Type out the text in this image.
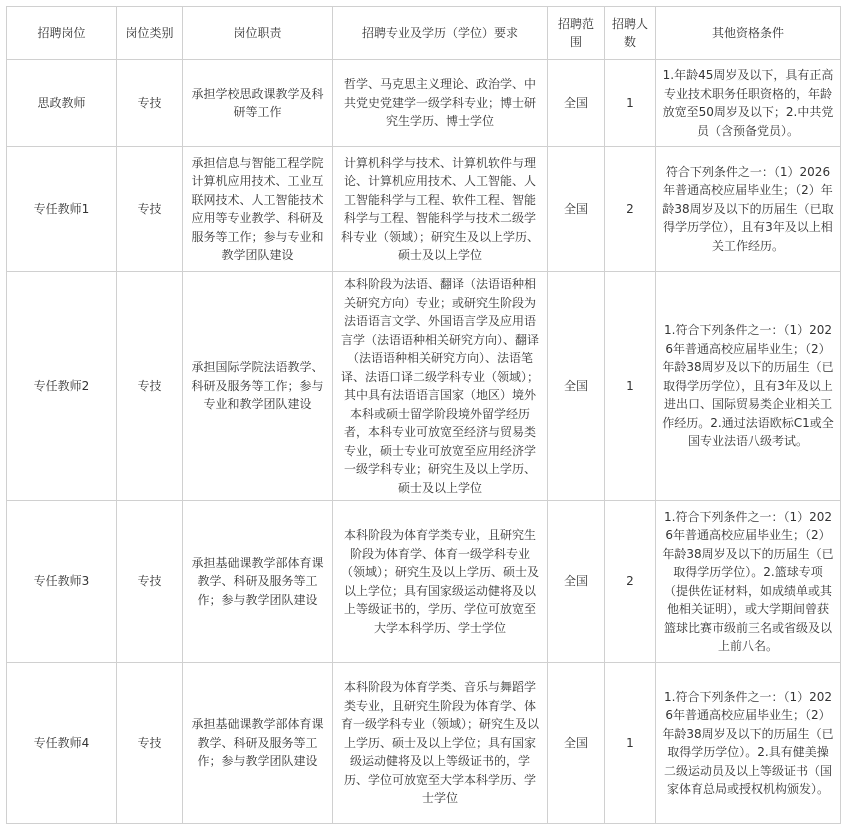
招聘岗位	岗位类别	岗位职责	招聘专业及学历（学位）要求	招聘范围	招聘人数	其他资格条件
思政教师	专技	承担学校思政课教学及科研等工作	哲学、马克思主义理论、政治学、中共党史党建学一级学科专业；博士研究生学历、博士学位	全国	1	1.年龄45周岁及以下，具有正高专业技术职务任职资格的，年龄放宽至50周岁及以下；2.中共党员（含预备党员）。
专任教师1	专技	承担信息与智能工程学院计算机应用技术、工业互联网技术、人工智能技术应用等专业教学、科研及服务等工作；参与专业和教学团队建设	计算机科学与技术、计算机软件与理论、计算机应用技术、人工智能、人工智能科学与工程、软件工程、智能科学与工程、智能科学与技术二级学科专业（领域）；研究生及以上学历、硕士及以上学位	全国	2	符合下列条件之一：（1）2026年普通高校应届毕业生；（2）年龄38周岁及以下的历届生（已取得学历学位），且有3年及以上相关工作经历。
专任教师2	专技	承担国际学院法语教学、科研及服务等工作；参与专业和教学团队建设	本科阶段为法语、翻译（法语语种相关研究方向）专业；或研究生阶段为法语语言文学、外国语言学及应用语言学（法语语种相关研究方向）、翻译（法语语种相关研究方向）、法语笔译、法语口译二级学科专业（领域）；其中具有法语语言国家（地区）境外本科或硕士留学阶段境外留学经历者，本科专业可放宽至经济与贸易类专业，硕士专业可放宽至应用经济学一级学科专业；研究生及以上学历、硕士及以上学位	全国	1	1.符合下列条件之一：（1）2026年普通高校应届毕业生；（2）年龄38周岁及以下的历届生（已取得学历学位），且有3年及以上进出口、国际贸易类企业相关工作经历。2.通过法语欧标C1或全国专业法语八级考试。
专任教师3	专技	承担基础课教学部体育课教学、科研及服务等工作；参与教学团队建设	本科阶段为体育学类专业，且研究生阶段为体育学、体育一级学科专业（领域）；研究生及以上学历、硕士及以上学位；具有国家级运动健将及以上等级证书的，学历、学位可放宽至大学本科学历、学士学位	全国	2	1.符合下列条件之一：（1）2026年普通高校应届毕业生；（2）年龄38周岁及以下的历届生（已取得学历学位）。2.篮球专项（提供佐证材料，如成绩单或其他相关证明），或大学期间曾获篮球比赛市级前三名或省级及以上前八名。
专任教师4	专技	承担基础课教学部体育课教学、科研及服务等工作；参与教学团队建设	本科阶段为体育学类、音乐与舞蹈学类专业，且研究生阶段为体育学、体育一级学科专业（领域）；研究生及以上学历、硕士及以上学位；具有国家级运动健将及以上等级证书的，学历、学位可放宽至大学本科学历、学士学位	全国	1	1.符合下列条件之一：（1）2026年普通高校应届毕业生；（2）年龄38周岁及以下的历届生（已取得学历学位）。2.具有健美操二级运动员及以上等级证书（国家体育总局或授权机构颁发）。
